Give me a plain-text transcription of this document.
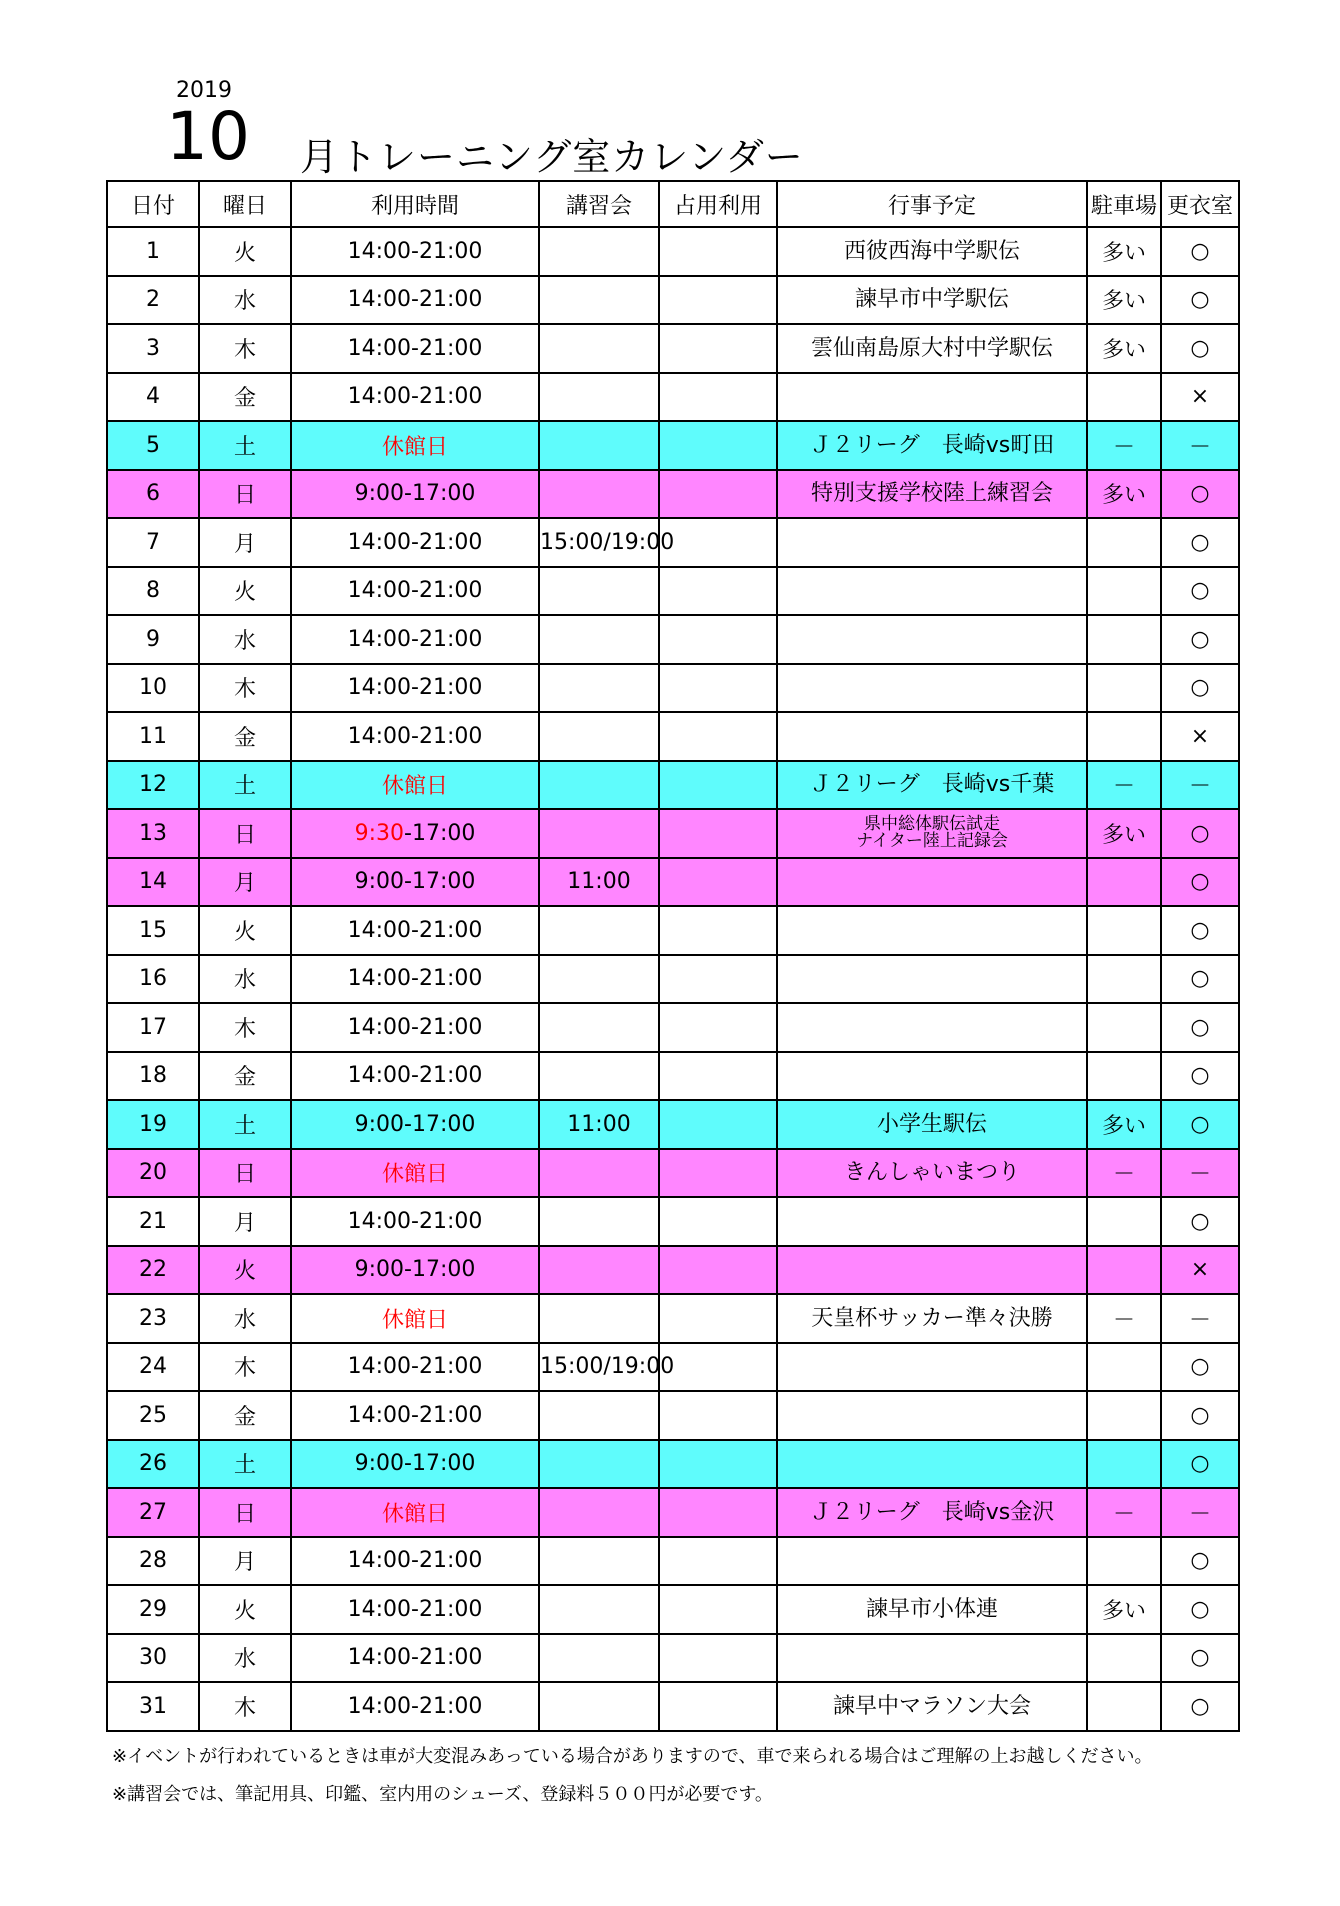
2019
10 月トレーニング室カレンダー
日付	曜日	利用時間	講習会	占用利用	行事予定	駐車場	更衣室
1	火	14:00-21:00			西彼西海中学駅伝	多い	○
2	水	14:00-21:00			諫早市中学駅伝	多い	○
3	木	14:00-21:00			雲仙南島原大村中学駅伝	多い	○
4	金	14:00-21:00					×
5	土	休館日			Ｊ２リーグ　長崎vs町田	－	－
6	日	9:00-17:00			特別支援学校陸上練習会	多い	○
7	月	14:00-21:00	15:00/19:00				○
8	火	14:00-21:00					○
9	水	14:00-21:00					○
10	木	14:00-21:00					○
11	金	14:00-21:00					×
12	土	休館日			Ｊ２リーグ　長崎vs千葉	－	－
13	日	9:30-17:00			県中総体駅伝試走
ナイター陸上記録会	多い	○
14	月	9:00-17:00	11:00				○
15	火	14:00-21:00					○
16	水	14:00-21:00					○
17	木	14:00-21:00					○
18	金	14:00-21:00					○
19	土	9:00-17:00	11:00		小学生駅伝	多い	○
20	日	休館日			きんしゃいまつり	－	－
21	月	14:00-21:00					○
22	火	9:00-17:00					×
23	水	休館日			天皇杯サッカー準々決勝	－	－
24	木	14:00-21:00	15:00/19:00				○
25	金	14:00-21:00					○
26	土	9:00-17:00					○
27	日	休館日			Ｊ２リーグ　長崎vs金沢	－	－
28	月	14:00-21:00					○
29	火	14:00-21:00			諫早市小体連	多い	○
30	水	14:00-21:00					○
31	木	14:00-21:00			諫早中マラソン大会		○
※イベントが行われているときは車が大変混みあっている場合がありますので、車で来られる場合はご理解の上お越しください。
※講習会では、筆記用具、印鑑、室内用のシューズ、登録料５００円が必要です。
